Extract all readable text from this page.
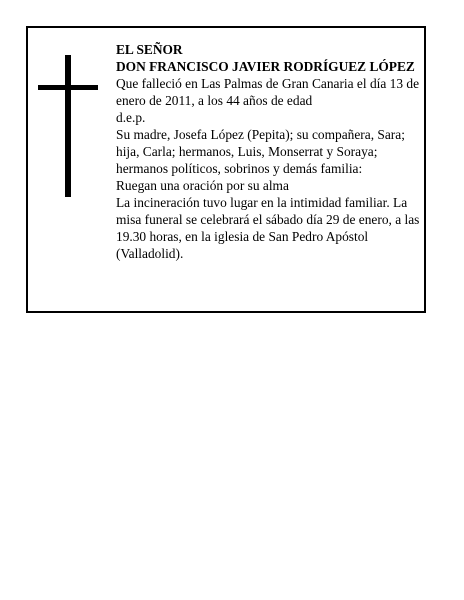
EL SEÑOR

DON FRANCISCO JAVIER RODRÍGUEZ LÓPEZ

Que falleció en Las Palmas de Gran Canaria el día 13 de enero de 2011, a los 44 años de edad

d.e.p.

Su madre, Josefa López (Pepita); su compañera, Sara; hija, Carla; hermanos, Luis, Monserrat y Soraya; hermanos políticos, sobrinos y demás familia:

Ruegan una oración por su alma

La incineración tuvo lugar en la intimidad familiar. La misa funeral se celebrará el sábado día 29 de enero, a las 19.30 horas, en la iglesia de San Pedro Apóstol (Valladolid).
